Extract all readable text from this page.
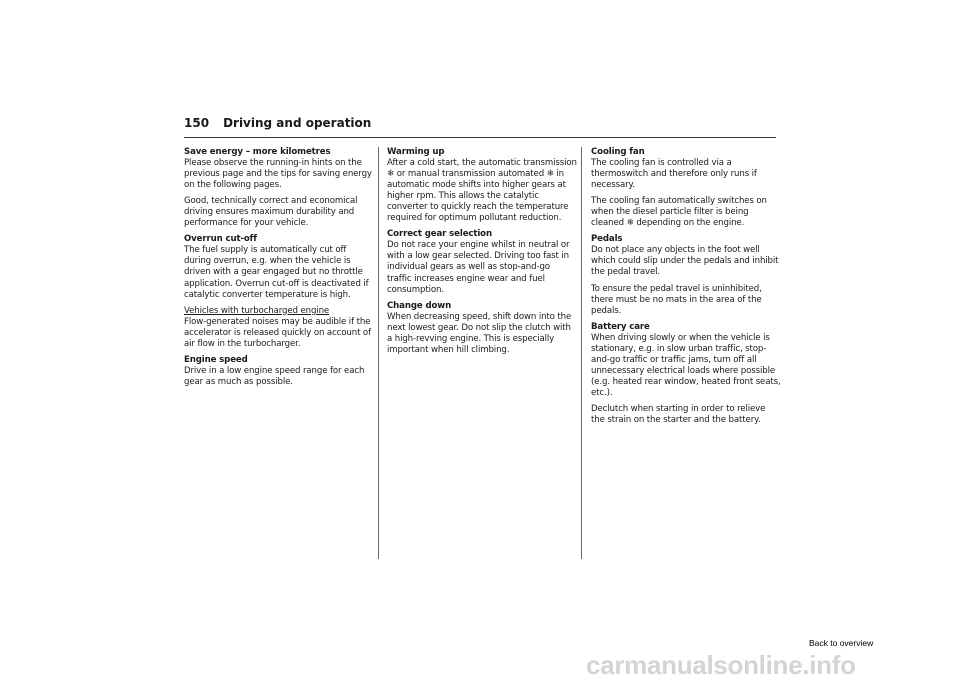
150 Driving and operation
Save energy – more kilometres

Please observe the running-in hints on the previous page and the tips for saving energy on the following pages.

Good, technically correct and economical driving ensures maximum durability and performance for your vehicle.

Overrun cut-off

The fuel supply is automatically cut off during overrun, e.g. when the vehicle is driven with a gear engaged but no throttle application. Overrun cut-off is deactivated if catalytic converter temperature is high.

Vehicles with turbocharged engine

Flow-generated noises may be audible if the accelerator is released quickly on account of air flow in the turbocharger.

Engine speed

Drive in a low engine speed range for each gear as much as possible.

Warming up

After a cold start, the automatic transmission ❄ or manual transmission automated ❄ in automatic mode shifts into higher gears at higher rpm. This allows the catalytic converter to quickly reach the temperature required for optimum pollutant reduction.

Correct gear selection

Do not race your engine whilst in neutral or with a low gear selected. Driving too fast in individual gears as well as stop-and-go traffic increases engine wear and fuel consumption.

Change down

When decreasing speed, shift down into the next lowest gear. Do not slip the clutch with a high-revving engine. This is especially important when hill climbing.

Cooling fan

The cooling fan is controlled via a thermoswitch and therefore only runs if necessary.

The cooling fan automatically switches on when the diesel particle filter is being cleaned ❄ depending on the engine.

Pedals

Do not place any objects in the foot well which could slip under the pedals and inhibit the pedal travel.

To ensure the pedal travel is uninhibited, there must be no mats in the area of the pedals.

Battery care

When driving slowly or when the vehicle is stationary, e.g. in slow urban traffic, stop-and-go traffic or traffic jams, turn off all unnecessary electrical loads where possible (e.g. heated rear window, heated front seats, etc.).

Declutch when starting in order to relieve the strain on the starter and the battery.

Back to overview
carmanualsonline.info
